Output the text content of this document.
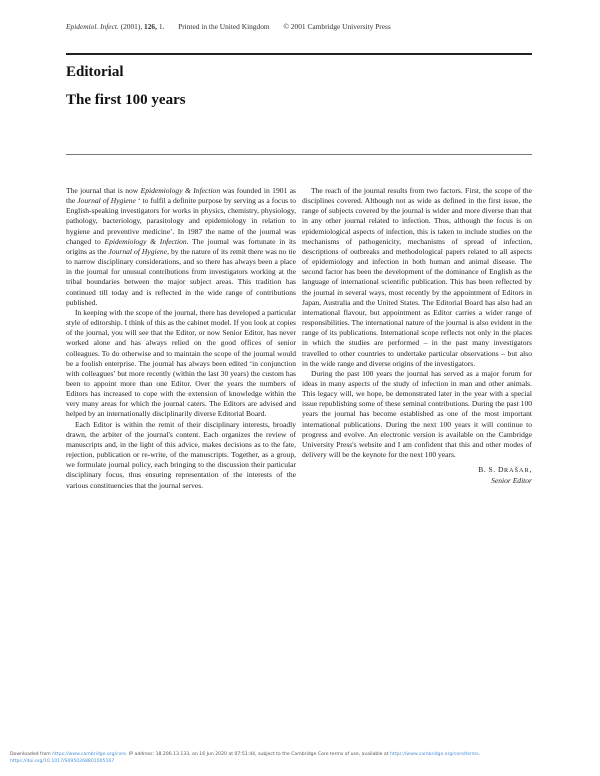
Epidemiol. Infect. (2001), 126, 1. Printed in the United Kingdom © 2001 Cambridge University Press
Editorial
The first 100 years

The journal that is now Epidemiology & Infection was founded in 1901 as the Journal of Hygiene ‘ to fulfil a definite purpose by serving as a focus to English-speaking investigators for works in physics, chemistry, physiology, pathology, bacteriology, parasitology and epidemiology in relation to hygiene and preventive medicine’. In 1987 the name of the journal was changed to Epidemiology & Infection. The journal was fortunate in its origins as the Journal of Hygiene, by the nature of its remit there was no tie to narrow disciplinary considerations, and so there has always been a place in the journal for unusual contributions from investigators working at the tribal boundaries between the major subject areas. This tradition has continued till today and is reflected in the wide range of contributions published.

In keeping with the scope of the journal, there has developed a particular style of editorship. I think of this as the cabinet model. If you look at copies of the journal, you will see that the Editor, or now Senior Editor, has never worked alone and has always relied on the good offices of senior colleagues. To do otherwise and to maintain the scope of the journal would be a foolish enterprise. The journal has always been edited ‘in conjunction with colleagues’ but more recently (within the last 30 years) the custom has been to appoint more than one Editor. Over the years the numbers of Editors has increased to cope with the extension of knowledge within the very many areas for which the journal caters. The Editors are advised and helped by an internationally disciplinarily diverse Editorial Board.

Each Editor is within the remit of their disciplinary interests, broadly drawn, the arbiter of the journal's content. Each organizes the review of manuscripts and, in the light of this advice, makes decisions as to the fate, rejection, publication or re-write, of the manuscripts. Together, as a group, we formulate journal policy, each bringing to the discussion their particular disciplinary focus, thus ensuring representation of the interests of the various constituencies that the journal serves.

The reach of the journal results from two factors. First, the scope of the disciplines covered. Although not as wide as defined in the first issue, the range of subjects covered by the journal is wider and more diverse than that in any other journal related to infection. Thus, although the focus is on epidemiological aspects of infection, this is taken to include studies on the mechanisms of pathogenicity, mechanisms of spread of infection, descriptions of outbreaks and methodological papers related to all aspects of epidemiology and infection in both human and animal disease. The second factor has been the development of the dominance of English as the language of international scientific publication. This has been reflected by the journal in several ways, most recently by the appointment of Editors in Japan, Australia and the United States. The Editorial Board has also had an international flavour, but appointment as Editor carries a wider range of responsibilities. The international nature of the journal is also evident in the range of its publications. International scope reflects not only in the places in which the studies are performed – in the past many investigators travelled to other countries to undertake particular observations – but also in the wide range and diverse origins of the investigators.

During the past 100 years the journal has served as a major forum for ideas in many aspects of the study of infection in man and other animals. This legacy will, we hope, be demonstrated later in the year with a special issue republishing some of these seminal contributions. During the past 100 years the journal has become established as one of the most important international publications. During the next 100 years it will continue to progress and evolve. An electronic version is available on the Cambridge University Press's website and I am confident that this and other modes of delivery will be the keynote for the next 100 years.

B. S. DRAŠAR,
Senior Editor
Downloaded from https://www.cambridge.org/core. IP address: 18.206.13.133, on 16 Jun 2020 at 07:51:44, subject to the Cambridge Core terms of use, available at https://www.cambridge.org/core/terms.
https://doi.org/10.1017/S0950268801005167
